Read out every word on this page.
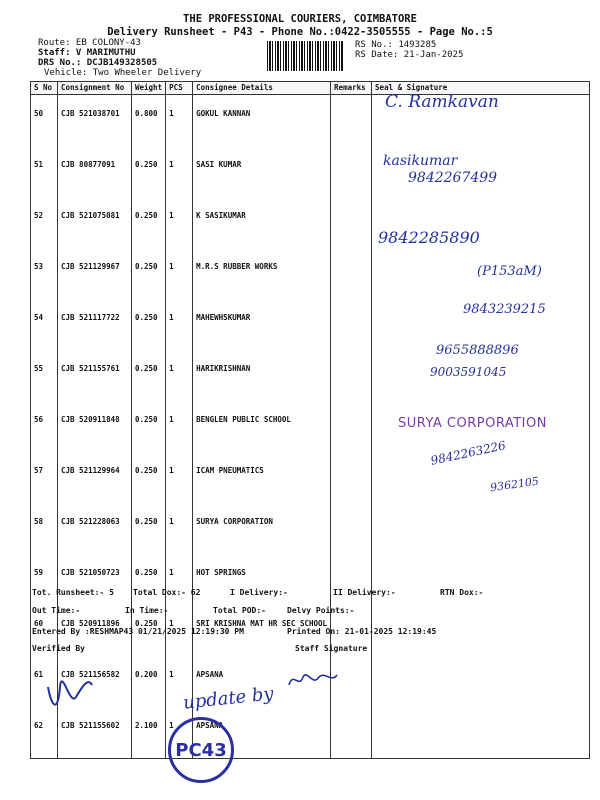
THE PROFESSIONAL COURIERS, COIMBATORE
Delivery Runsheet - P43 - Phone No.:0422-3505555 - Page No.:5
Route: EB COLONY-43
Staff: V MARIMUTHU
DRS No.: DCJB149328505
Vehicle: Two Wheeler Delivery
RS No.: 1493285
RS Date: 21-Jan-2025
S No	Consignment No	Weight	PCS	Consignee Details	Remarks	Seal & Signature
50	CJB 521038701	0.800	1	GOKUL KANNAN		
51	CJB 80877091	0.250	1	SASI KUMAR		
52	CJB 521075081	0.250	1	K SASIKUMAR		
53	CJB 521129967	0.250	1	M.R.S RUBBER WORKS		
54	CJB 521117722	0.250	1	MAHEWHSKUMAR		
55	CJB 521155761	0.250	1	HARIKRISHNAN		
56	CJB 520911848	0.250	1	BENGLEN PUBLIC SCHOOL		
57	CJB 521129964	0.250	1	ICAM PNEUMATICS		
58	CJB 521228063	0.250	1	SURYA CORPORATION		
59	CJB 521050723	0.250	1	HOT SPRINGS		
60	CJB 520911896	0.250	1	SRI KRISHNA MAT HR SEC SCHOOL		
61	CJB 521156582	0.200	1	APSANA		
62	CJB 521155602	2.100	1	APSANA		
C. Ramkavan
kasikumar
9842267499
9842285890
(P153aM)
9843239215
9655888896
9003591045
SURYA CORPORATION
9842263226
9362105
Tot. Runsheet:- 5 Total Dox:- 62	I Delivery:-	II Delivery:-	RTN Dox:-
Out Time:-	In Time:-	Total POD:-	Delvy Points:-
Entered By :RESHMAP43 01/21/2025 12:19:30 PM	Printed On: 21-01-2025 12:19:45
Verified By	Staff Signature
update by
PC43
